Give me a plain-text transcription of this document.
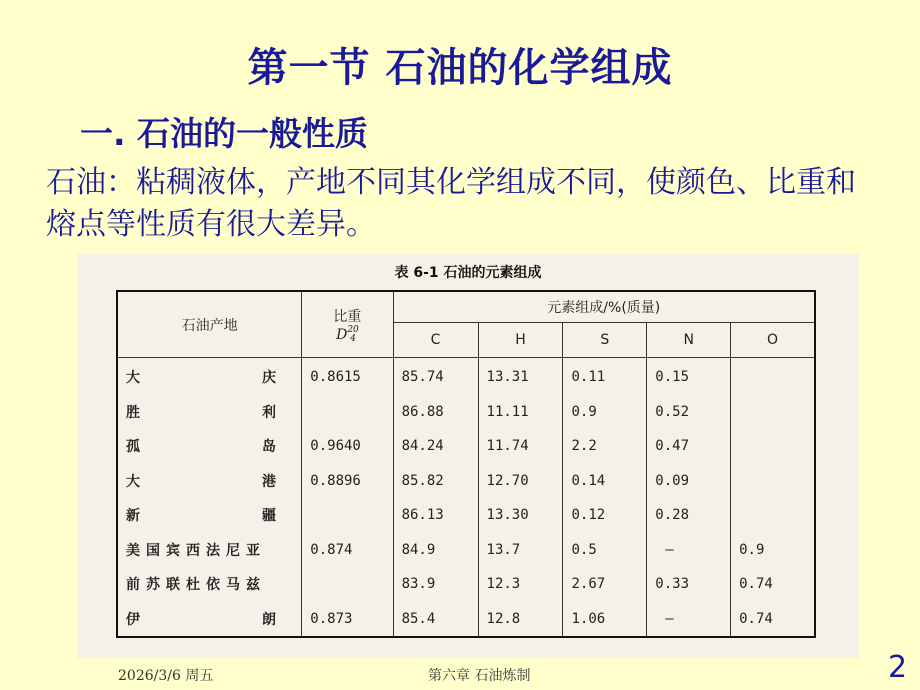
第一节 石油的化学组成
一. 石油的一般性质
石油：粘稠液体，产地不同其化学组成不同，使颜色、比重和熔点等性质有很大差异。
表 6-1 石油的元素组成
石油产地	比重
D 20
4	元素组成/%(质量)				
		C	H	S	N	O

大 庆	0.8615	85.74	13.31	0.11	0.15	

胜 利		86.88	11.11	0.9	0.52	

孤 岛	0.9640	84.24	11.74	2.2	0.47	

大 港	0.8896	85.82	12.70	0.14	0.09	

新 疆		86.13	13.30	0.12	0.28	
美国宾西法尼亚	0.874	84.9	13.7	0.5	—	0.9
前苏联杜依马兹		83.9	12.3	2.67	0.33	0.74

伊 朗	0.873	85.4	12.8	1.06	—	0.74
2026/3/6 周五	第六章 石油炼制	2
